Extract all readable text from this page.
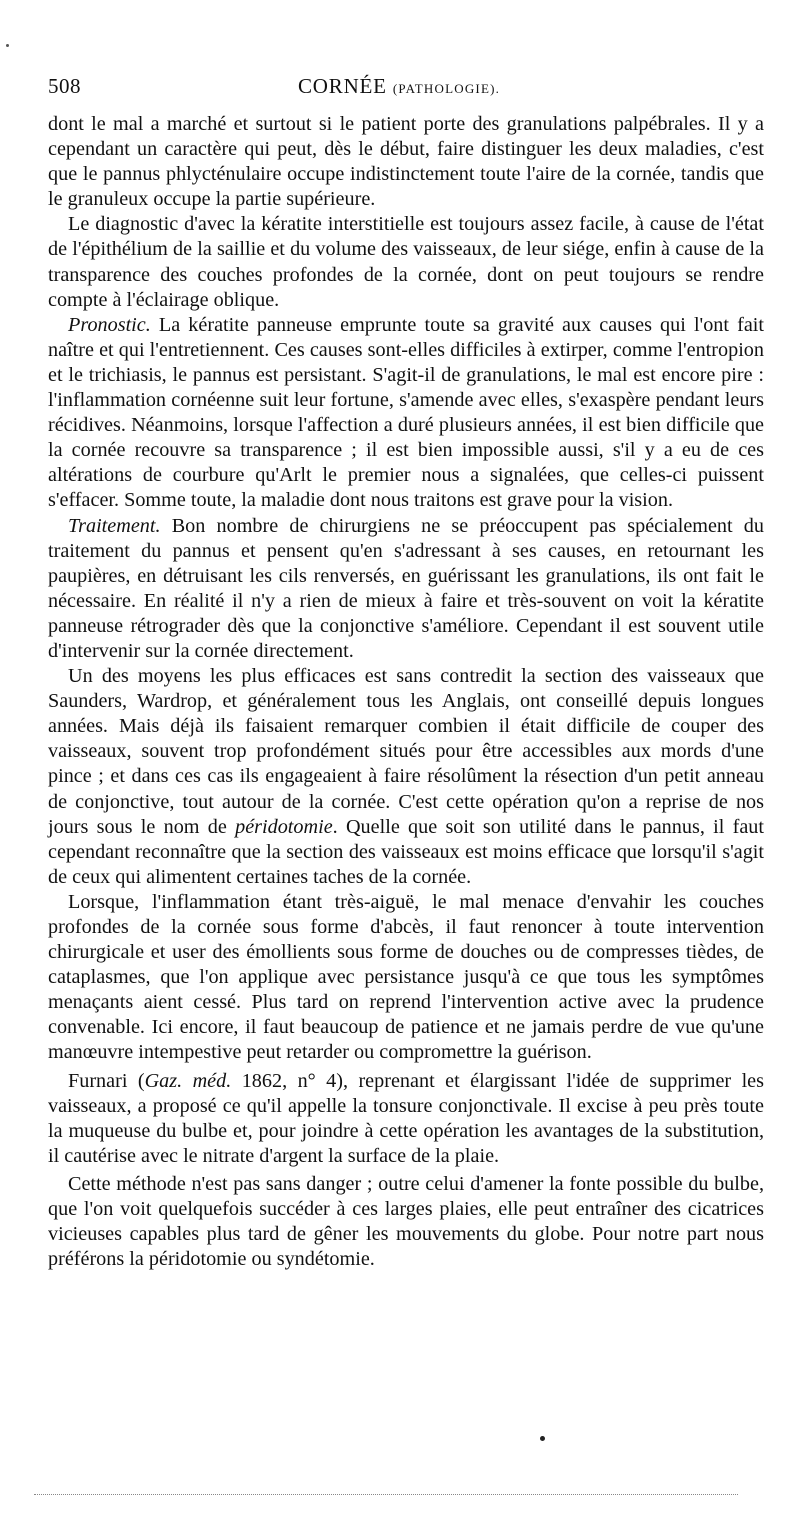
508	CORNÉE (PATHOLOGIE).

dont le mal a marché et surtout si le patient porte des granulations palpébrales. Il y a cependant un caractère qui peut, dès le début, faire distinguer les deux maladies, c'est que le pannus phlycténulaire occupe indistinctement toute l'aire de la cornée, tandis que le granuleux occupe la partie supérieure.

Le diagnostic d'avec la kératite interstitielle est toujours assez facile, à cause de l'état de l'épithélium de la saillie et du volume des vaisseaux, de leur siége, enfin à cause de la transparence des couches profondes de la cornée, dont on peut toujours se rendre compte à l'éclairage oblique.

Pronostic. La kératite panneuse emprunte toute sa gravité aux causes qui l'ont fait naître et qui l'entretiennent. Ces causes sont-elles difficiles à extirper, comme l'entropion et le trichiasis, le pannus est persistant. S'agit-il de granulations, le mal est encore pire : l'inflammation cornéenne suit leur fortune, s'amende avec elles, s'exaspère pendant leurs récidives. Néanmoins, lorsque l'affection a duré plusieurs années, il est bien difficile que la cornée recouvre sa transparence ; il est bien impossible aussi, s'il y a eu de ces altérations de courbure qu'Arlt le premier nous a signalées, que celles-ci puissent s'effacer. Somme toute, la maladie dont nous traitons est grave pour la vision.

Traitement. Bon nombre de chirurgiens ne se préoccupent pas spécialement du traitement du pannus et pensent qu'en s'adressant à ses causes, en retournant les paupières, en détruisant les cils renversés, en guérissant les granulations, ils ont fait le nécessaire. En réalité il n'y a rien de mieux à faire et très-souvent on voit la kératite panneuse rétrograder dès que la conjonctive s'améliore. Cependant il est souvent utile d'intervenir sur la cornée directement.

Un des moyens les plus efficaces est sans contredit la section des vaisseaux que Saunders, Wardrop, et généralement tous les Anglais, ont conseillé depuis longues années. Mais déjà ils faisaient remarquer combien il était difficile de couper des vaisseaux, souvent trop profondément situés pour être accessibles aux mords d'une pince ; et dans ces cas ils engageaient à faire résolûment la résection d'un petit anneau de conjonctive, tout autour de la cornée. C'est cette opération qu'on a reprise de nos jours sous le nom de péridotomie. Quelle que soit son utilité dans le pannus, il faut cependant reconnaître que la section des vaisseaux est moins efficace que lorsqu'il s'agit de ceux qui alimentent certaines taches de la cornée.

Lorsque, l'inflammation étant très-aiguë, le mal menace d'envahir les couches profondes de la cornée sous forme d'abcès, il faut renoncer à toute intervention chirurgicale et user des émollients sous forme de douches ou de compresses tièdes, de cataplasmes, que l'on applique avec persistance jusqu'à ce que tous les symptômes menaçants aient cessé. Plus tard on reprend l'intervention active avec la prudence convenable. Ici encore, il faut beaucoup de patience et ne jamais perdre de vue qu'une manœuvre intempestive peut retarder ou compromettre la guérison.

Furnari (Gaz. méd. 1862, n° 4), reprenant et élargissant l'idée de supprimer les vaisseaux, a proposé ce qu'il appelle la tonsure conjonctivale. Il excise à peu près toute la muqueuse du bulbe et, pour joindre à cette opération les avantages de la substitution, il cautérise avec le nitrate d'argent la surface de la plaie.

Cette méthode n'est pas sans danger ; outre celui d'amener la fonte possible du bulbe, que l'on voit quelquefois succéder à ces larges plaies, elle peut entraîner des cicatrices vicieuses capables plus tard de gêner les mouvements du globe. Pour notre part nous préférons la péridotomie ou syndétomie.
